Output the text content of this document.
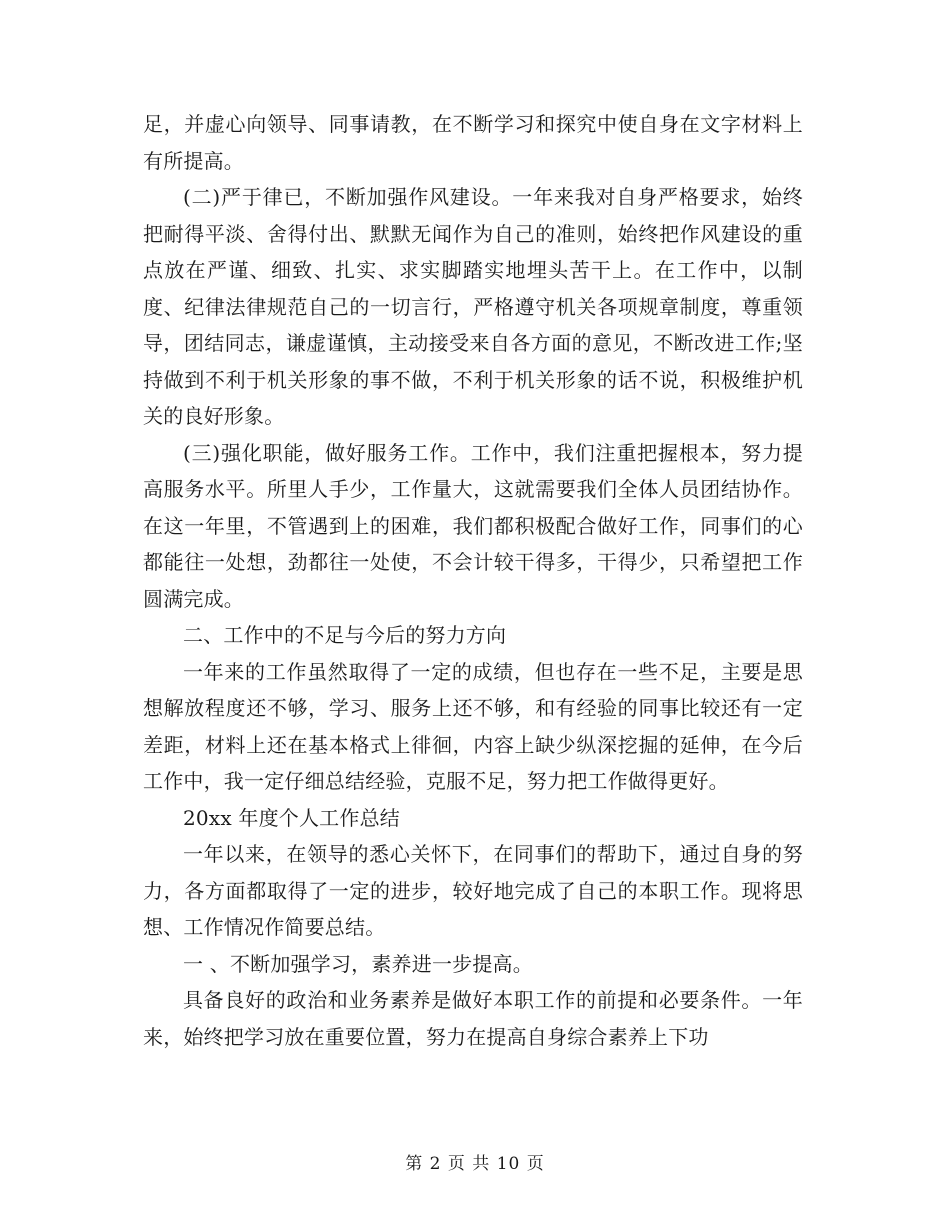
足，并虚心向领导、同事请教，在不断学习和探究中使自身在文字材料上有所提高。

(二)严于律已，不断加强作风建设。一年来我对自身严格要求，始终把耐得平淡、舍得付出、默默无闻作为自己的准则，始终把作风建设的重点放在严谨、细致、扎实、求实脚踏实地埋头苦干上。在工作中，以制度、纪律法律规范自己的一切言行，严格遵守机关各项规章制度，尊重领导，团结同志，谦虚谨慎，主动接受来自各方面的意见，不断改进工作;坚持做到不利于机关形象的事不做，不利于机关形象的话不说，积极维护机关的良好形象。

(三)强化职能，做好服务工作。工作中，我们注重把握根本，努力提高服务水平。所里人手少，工作量大，这就需要我们全体人员团结协作。在这一年里，不管遇到上的困难，我们都积极配合做好工作，同事们的心都能往一处想，劲都往一处使，不会计较干得多，干得少，只希望把工作圆满完成。

二、工作中的不足与今后的努力方向

一年来的工作虽然取得了一定的成绩，但也存在一些不足，主要是思想解放程度还不够，学习、服务上还不够，和有经验的同事比较还有一定差距，材料上还在基本格式上徘徊，内容上缺少纵深挖掘的延伸，在今后工作中，我一定仔细总结经验，克服不足，努力把工作做得更好。

20xx 年度个人工作总结

一年以来，在领导的悉心关怀下，在同事们的帮助下，通过自身的努力，各方面都取得了一定的进步，较好地完成了自己的本职工作。现将思想、工作情况作简要总结。

一 、不断加强学习，素养进一步提高。

具备良好的政治和业务素养是做好本职工作的前提和必要条件。一年来，始终把学习放在重要位置，努力在提高自身综合素养上下功

第 2 页 共 10 页
